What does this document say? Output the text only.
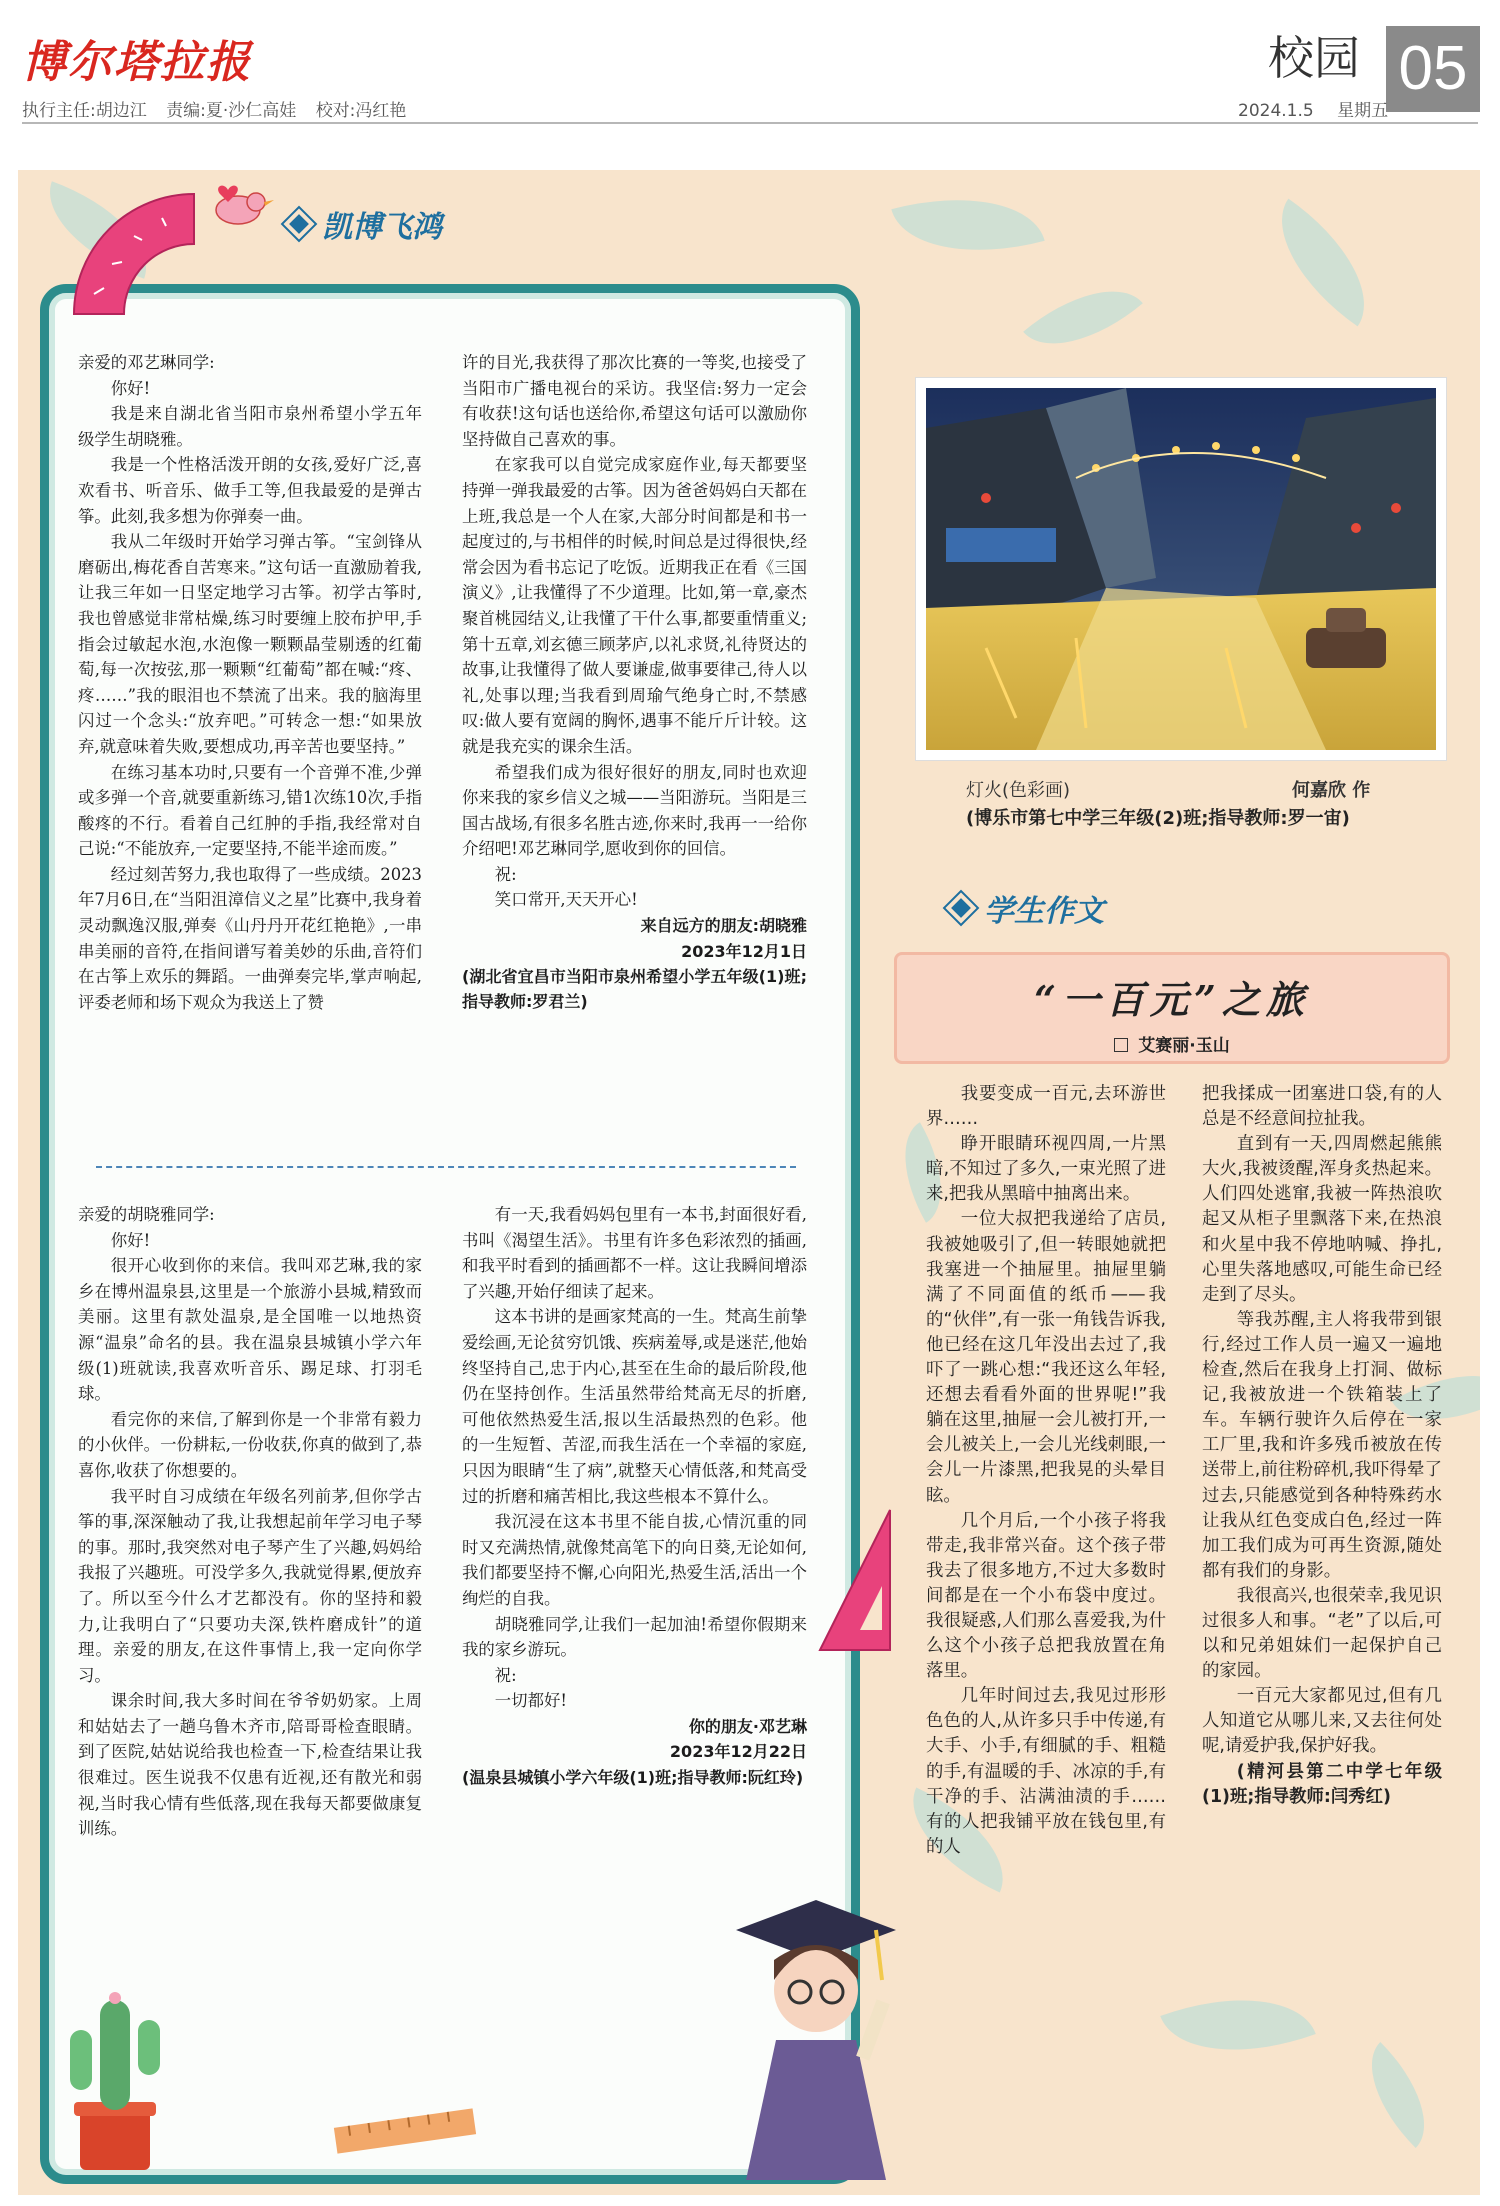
博尔塔拉报	校园 05
执行主任:胡边江 责编:夏·沙仁高娃 校对:冯红艳	2024.1.5 星期五
凯博飞鸿

亲爱的邓艺琳同学:

你好!

我是来自湖北省当阳市泉州希望小学五年级学生胡晓雅。

我是一个性格活泼开朗的女孩,爱好广泛,喜欢看书、听音乐、做手工等,但我最爱的是弹古筝。此刻,我多想为你弹奏一曲。

我从二年级时开始学习弹古筝。“宝剑锋从磨砺出,梅花香自苦寒来。”这句话一直激励着我,让我三年如一日坚定地学习古筝。初学古筝时,我也曾感觉非常枯燥,练习时要缠上胶布护甲,手指会过敏起水泡,水泡像一颗颗晶莹剔透的红葡萄,每一次按弦,那一颗颗“红葡萄”都在喊:“疼、疼……”我的眼泪也不禁流了出来。我的脑海里闪过一个念头:“放弃吧。”可转念一想:“如果放弃,就意味着失败,要想成功,再辛苦也要坚持。”

在练习基本功时,只要有一个音弹不准,少弹或多弹一个音,就要重新练习,错1次练10次,手指酸疼的不行。看着自己红肿的手指,我经常对自己说:“不能放弃,一定要坚持,不能半途而废。”

经过刻苦努力,我也取得了一些成绩。2023年7月6日,在“当阳沮漳信义之星”比赛中,我身着灵动飘逸汉服,弹奏《山丹丹开花红艳艳》,一串串美丽的音符,在指间谱写着美妙的乐曲,音符们在古筝上欢乐的舞蹈。一曲弹奏完毕,掌声响起,评委老师和场下观众为我送上了赞

许的目光,我获得了那次比赛的一等奖,也接受了当阳市广播电视台的采访。我坚信:努力一定会有收获!这句话也送给你,希望这句话可以激励你坚持做自己喜欢的事。

在家我可以自觉完成家庭作业,每天都要坚持弹一弹我最爱的古筝。因为爸爸妈妈白天都在上班,我总是一个人在家,大部分时间都是和书一起度过的,与书相伴的时候,时间总是过得很快,经常会因为看书忘记了吃饭。近期我正在看《三国演义》,让我懂得了不少道理。比如,第一章,豪杰聚首桃园结义,让我懂了干什么事,都要重情重义;第十五章,刘玄德三顾茅庐,以礼求贤,礼待贤达的故事,让我懂得了做人要谦虚,做事要律己,待人以礼,处事以理;当我看到周瑜气绝身亡时,不禁感叹:做人要有宽阔的胸怀,遇事不能斤斤计较。这就是我充实的课余生活。

希望我们成为很好很好的朋友,同时也欢迎你来我的家乡信义之城——当阳游玩。当阳是三国古战场,有很多名胜古迹,你来时,我再一一给你介绍吧!邓艺琳同学,愿收到你的回信。

祝:

笑口常开,天天开心!

来自远方的朋友:胡晓雅

2023年12月1日

(湖北省宜昌市当阳市泉州希望小学五年级(1)班;指导教师:罗君兰)

亲爱的胡晓雅同学:

你好!

很开心收到你的来信。我叫邓艺琳,我的家乡在博州温泉县,这里是一个旅游小县城,精致而美丽。这里有款处温泉,是全国唯一以地热资源“温泉”命名的县。我在温泉县城镇小学六年级(1)班就读,我喜欢听音乐、踢足球、打羽毛球。

看完你的来信,了解到你是一个非常有毅力的小伙伴。一份耕耘,一份收获,你真的做到了,恭喜你,收获了你想要的。

我平时自习成绩在年级名列前茅,但你学古筝的事,深深触动了我,让我想起前年学习电子琴的事。那时,我突然对电子琴产生了兴趣,妈妈给我报了兴趣班。可没学多久,我就觉得累,便放弃了。所以至今什么才艺都没有。你的坚持和毅力,让我明白了“只要功夫深,铁杵磨成针”的道理。亲爱的朋友,在这件事情上,我一定向你学习。

课余时间,我大多时间在爷爷奶奶家。上周和姑姑去了一趟乌鲁木齐市,陪哥哥检查眼睛。到了医院,姑姑说给我也检查一下,检查结果让我很难过。医生说我不仅患有近视,还有散光和弱视,当时我心情有些低落,现在我每天都要做康复训练。

有一天,我看妈妈包里有一本书,封面很好看,书叫《渴望生活》。书里有许多色彩浓烈的插画,和我平时看到的插画都不一样。这让我瞬间增添了兴趣,开始仔细读了起来。

这本书讲的是画家梵高的一生。梵高生前挚爱绘画,无论贫穷饥饿、疾病羞辱,或是迷茫,他始终坚持自己,忠于内心,甚至在生命的最后阶段,他仍在坚持创作。生活虽然带给梵高无尽的折磨,可他依然热爱生活,报以生活最热烈的色彩。他的一生短暂、苦涩,而我生活在一个幸福的家庭,只因为眼睛“生了病”,就整天心情低落,和梵高受过的折磨和痛苦相比,我这些根本不算什么。

我沉浸在这本书里不能自拔,心情沉重的同时又充满热情,就像梵高笔下的向日葵,无论如何,我们都要坚持不懈,心向阳光,热爱生活,活出一个绚烂的自我。

胡晓雅同学,让我们一起加油!希望你假期来我的家乡游玩。

祝:

一切都好!

你的朋友·邓艺琳

2023年12月22日

(温泉县城镇小学六年级(1)班;指导教师:阮红玲)

灯火(色彩画)	何嘉欣 作
(博乐市第七中学三年级(2)班;指导教师:罗一宙)
学生作文
“一百元”之旅
艾赛丽·玉山

我要变成一百元,去环游世界……

睁开眼睛环视四周,一片黑暗,不知过了多久,一束光照了进来,把我从黑暗中抽离出来。

一位大叔把我递给了店员,我被她吸引了,但一转眼她就把我塞进一个抽屉里。抽屉里躺满了不同面值的纸币——我的“伙伴”,有一张一角钱告诉我,他已经在这几年没出去过了,我吓了一跳心想:“我还这么年轻,还想去看看外面的世界呢!”我躺在这里,抽屉一会儿被打开,一会儿被关上,一会儿光线刺眼,一会儿一片漆黑,把我晃的头晕目眩。

几个月后,一个小孩子将我带走,我非常兴奋。这个孩子带我去了很多地方,不过大多数时间都是在一个小布袋中度过。我很疑惑,人们那么喜爱我,为什么这个小孩子总把我放置在角落里。

几年时间过去,我见过形形色色的人,从许多只手中传递,有大手、小手,有细腻的手、粗糙的手,有温暖的手、冰凉的手,有干净的手、沾满油渍的手……有的人把我铺平放在钱包里,有的人

把我揉成一团塞进口袋,有的人总是不经意间拉扯我。

直到有一天,四周燃起熊熊大火,我被烫醒,浑身炙热起来。人们四处逃窜,我被一阵热浪吹起又从柜子里飘落下来,在热浪和火星中我不停地呐喊、挣扎,心里失落地感叹,可能生命已经走到了尽头。

等我苏醒,主人将我带到银行,经过工作人员一遍又一遍地检查,然后在我身上打洞、做标记,我被放进一个铁箱装上了车。车辆行驶许久后停在一家工厂里,我和许多残币被放在传送带上,前往粉碎机,我吓得晕了过去,只能感觉到各种特殊药水让我从红色变成白色,经过一阵加工我们成为可再生资源,随处都有我们的身影。

我很高兴,也很荣幸,我见识过很多人和事。“老”了以后,可以和兄弟姐妹们一起保护自己的家园。

一百元大家都见过,但有几人知道它从哪儿来,又去往何处呢,请爱护我,保护好我。

(精河县第二中学七年级(1)班;指导教师:闫秀红)
